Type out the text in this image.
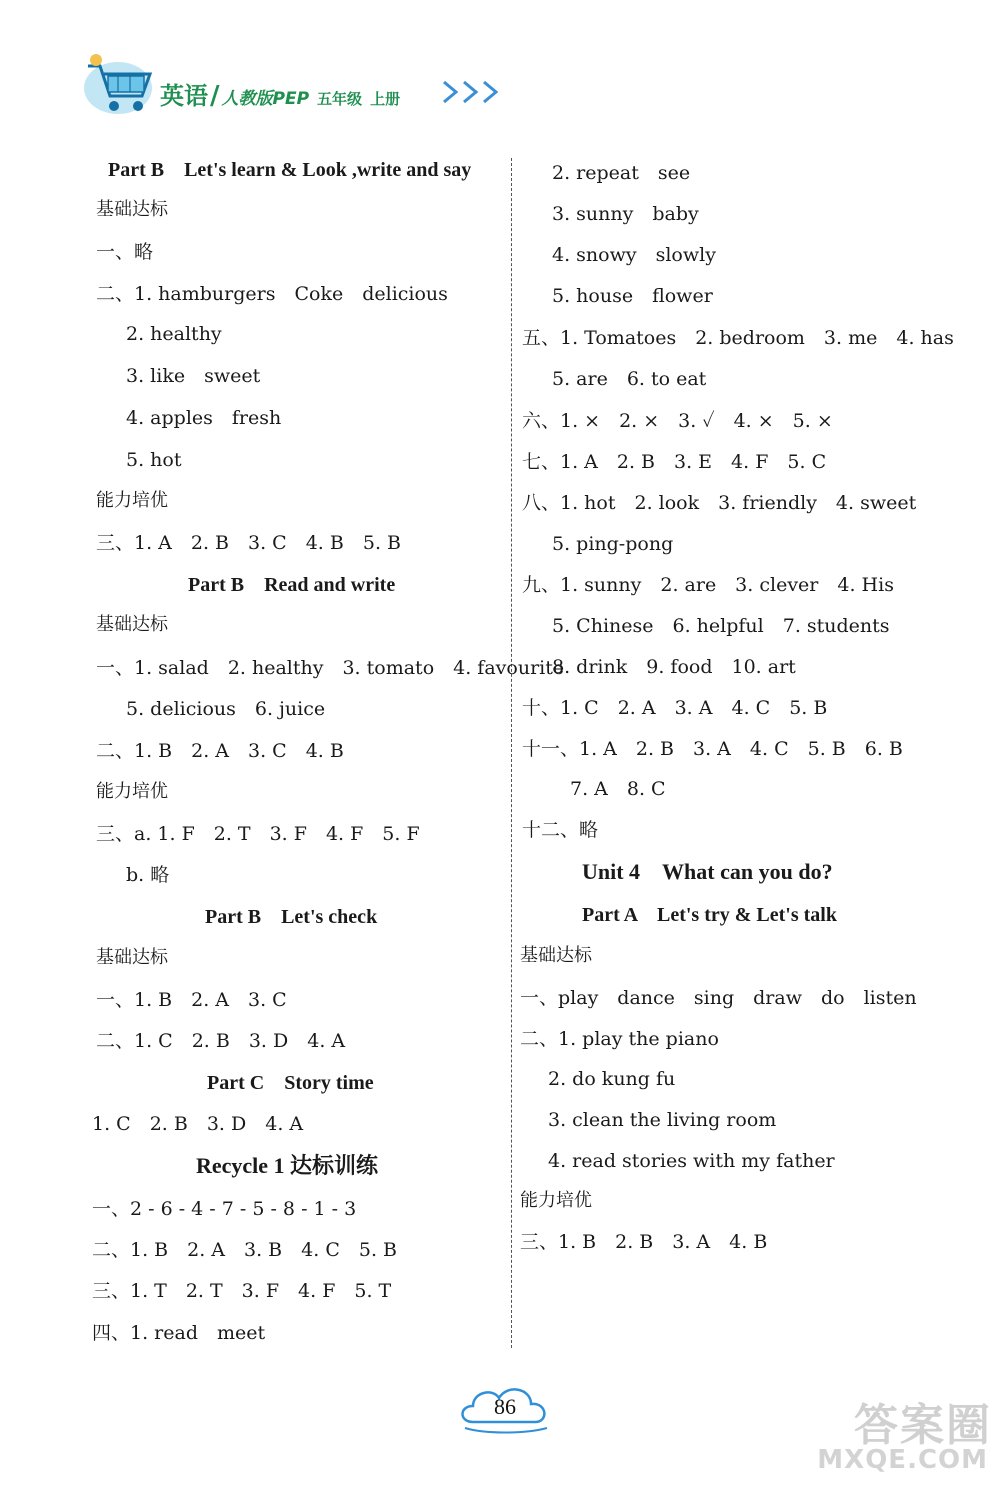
英语/ 人教版PEP 五年级 上册
Part B　Let's learn & Look ,write and say
基础达标
一、略
二、1. hamburgers　Coke　delicious
2. healthy
3. like　sweet
4. apples　fresh
5. hot
能力培优
三、1. A　2. B　3. C　4. B　5. B
Part B　Read and write
基础达标
一、1. salad　2. healthy　3. tomato　4. favourite
5. delicious　6. juice
二、1. B　2. A　3. C　4. B
能力培优
三、a. 1. F　2. T　3. F　4. F　5. F
b. 略
Part B　Let's check
基础达标
一、1. B　2. A　3. C
二、1. C　2. B　3. D　4. A
Part C　Story time
1. C　2. B　3. D　4. A
Recycle 1 达标训练
一、2 - 6 - 4 - 7 - 5 - 8 - 1 - 3
二、1. B　2. A　3. B　4. C　5. B
三、1. T　2. T　3. F　4. F　5. T
四、1. read　meet
2. repeat　see
3. sunny　baby
4. snowy　slowly
5. house　flower
五、1. Tomatoes　2. bedroom　3. me　4. has
5. are　6. to eat
六、1. ×　2. ×　3. ✓　4. ×　5. ×
七、1. A　2. B　3. E　4. F　5. C
八、1. hot　2. look　3. friendly　4. sweet
5. ping-pong
九、1. sunny　2. are　3. clever　4. His
5. Chinese　6. helpful　7. students
8. drink　9. food　10. art
十、1. C　2. A　3. A　4. C　5. B
十一、1. A　2. B　3. A　4. C　5. B　6. B
7. A　8. C
十二、略
Unit 4　What can you do?
Part A　Let's try & Let's talk
基础达标
一、play　dance　sing　draw　do　listen
二、1. play the piano
2. do kung fu
3. clean the living room
4. read stories with my father
能力培优
三、1. B　2. B　3. A　4. B
86	答案圈
MXQE.COM
